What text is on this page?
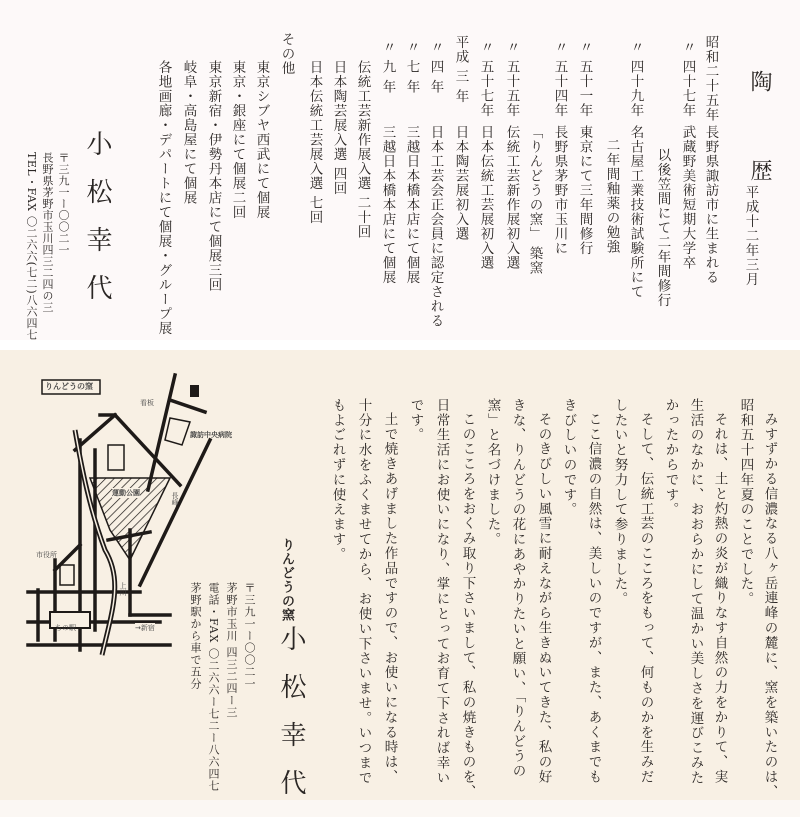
陶 歴
平成十二年三月
昭和二十五年
長野県諏訪市に生まれる
〃 四十七年
武蔵野美術短期大学卒
以後笠間にて二年間修行
〃 四十九年
名古屋工業技術試験所にて
二年間釉薬の勉強
〃 五十一年
東京にて三年間修行
〃 五十四年
長野県茅野市玉川に
「りんどうの窯」 築窯
〃 五十五年
伝統工芸新作展初入選
〃 五十七年
日本伝統工芸展初入選
平成 三 年
日本陶芸展初入選
〃 四 年
日本工芸会正会員に認定される
〃 七 年
三越日本橋本店にて個展
〃 九 年
三越日本橋本店にて個展
伝統工芸新作展入選 二十回
日本陶芸展入選 四回
日本伝統工芸展入選 七回
その他
東京シブヤ西武にて個展
東京・銀座にて個展二回
東京新宿・伊勢丹本店にて個展三回
岐阜・高島屋にて個展
各地画廊・デパートにて個展・グループ展
小松幸代
〒三九一ー〇〇二一
長野県茅野市玉川四三二四の三
TEL・FAX 〇二六六(七二)八六四七
みすずかる信濃なる八ヶ岳連峰の麓に、窯を築いたのは、
昭和五十四年夏のことでした。
それは、土と灼熱の炎が織りなす自然の力をかりて、実
生活のなかに、おおらかにして温かい美しさを運びこみた
かったからです。
そして、伝統工芸のこころをもって、何ものかを生みだ
したいと努力して参りました。
ここ信濃の自然は、美しいのですが、また、あくまでも
きびしいのです。
そのきびしい風雪に耐えながら生きぬいてきた、私の好
きな、りんどうの花にあやかりたいと願い、「りんどうの
窯」と名づけました。
このこころをおくみ取り下さいまして、私の焼きものを、
日常生活にお使いになり、掌にとってお育て下されば幸い
です。
土で焼きあげました作品ですので、お使いになる時は、
十分に水をふくませてから、お使い下さいませ。いつまで
もよごれずに使えます。
りんどうの窯
小松幸代
〒三九一ー〇〇二一
茅野市玉川 四三二四ー三
電話・FAX 〇二六六ー七二ー八六四七
茅野駅から車で五分
りんどうの窯
看板
諏訪中央病院
運動公園	長峰
市役所
上川
ちの駅	→新宿
